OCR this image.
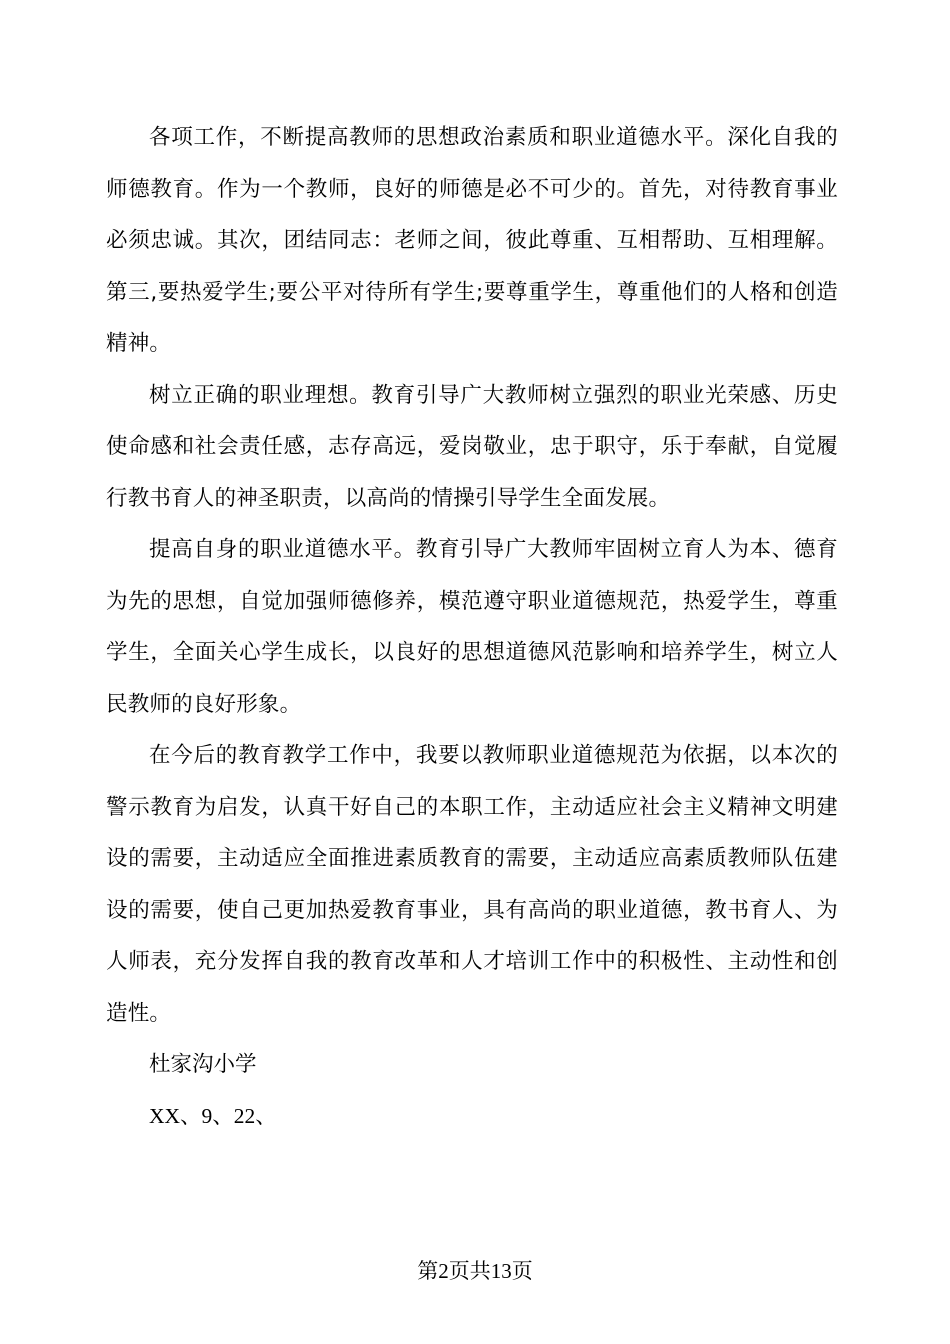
各项工作，不断提高教师的思想政治素质和职业道德水平。深化自我的师德教育。作为一个教师，良好的师德是必不可少的。首先，对待教育事业必须忠诚。其次，团结同志：老师之间，彼此尊重、互相帮助、互相理解。第三,要热爱学生;要公平对待所有学生;要尊重学生，尊重他们的人格和创造精神。

树立正确的职业理想。教育引导广大教师树立强烈的职业光荣感、历史使命感和社会责任感，志存高远，爱岗敬业，忠于职守，乐于奉献，自觉履行教书育人的神圣职责，以高尚的情操引导学生全面发展。

提高自身的职业道德水平。教育引导广大教师牢固树立育人为本、德育为先的思想，自觉加强师德修养，模范遵守职业道德规范，热爱学生，尊重学生，全面关心学生成长，以良好的思想道德风范影响和培养学生，树立人民教师的良好形象。

在今后的教育教学工作中，我要以教师职业道德规范为依据，以本次的警示教育为启发，认真干好自己的本职工作，主动适应社会主义精神文明建设的需要，主动适应全面推进素质教育的需要，主动适应高素质教师队伍建设的需要，使自己更加热爱教育事业，具有高尚的职业道德，教书育人、为人师表，充分发挥自我的教育改革和人才培训工作中的积极性、主动性和创造性。

杜家沟小学

XX、9、22、

第2页共13页
